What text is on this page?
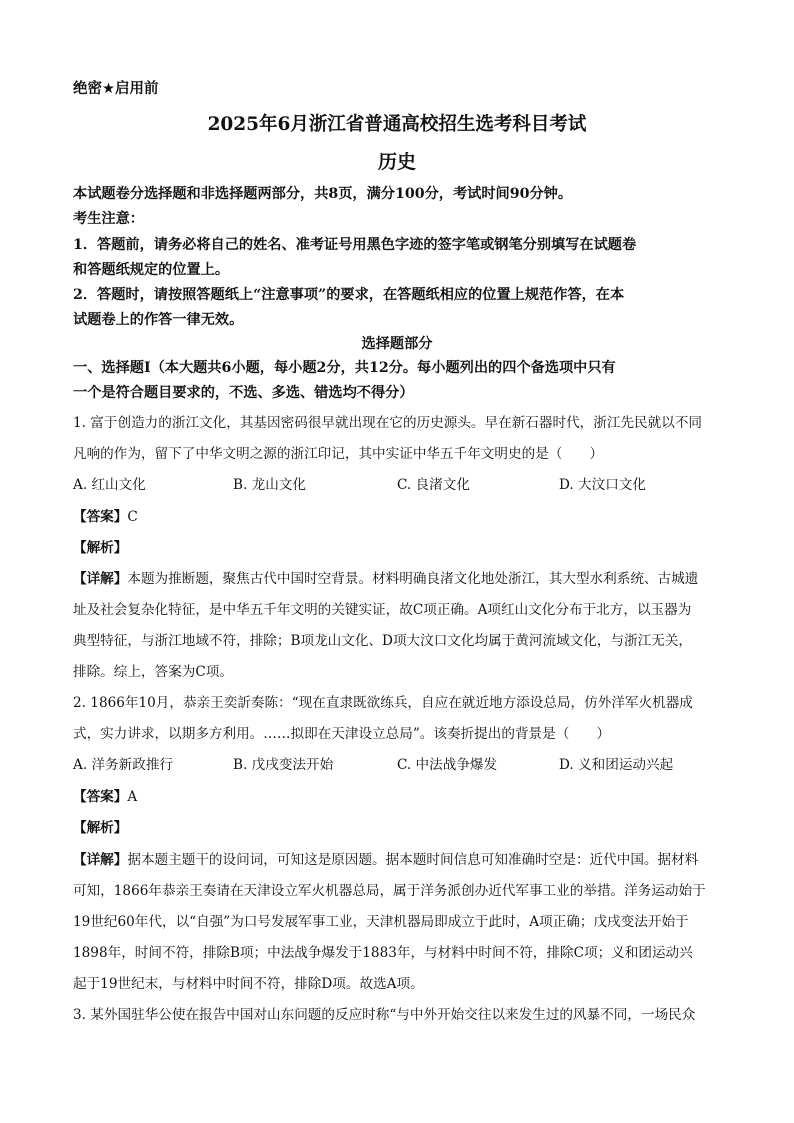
绝密★启用前
2025年6月浙江省普通高校招生选考科目考试
历史
本试题卷分选择题和非选择题两部分，共8页，满分100分，考试时间90分钟。
考生注意：
1．答题前，请务必将自己的姓名、准考证号用黑色字迹的签字笔或钢笔分别填写在试题卷
和答题纸规定的位置上。
2．答题时，请按照答题纸上“注意事项”的要求，在答题纸相应的位置上规范作答，在本
试题卷上的作答一律无效。
选择题部分
一、选择题Ⅰ（本大题共6小题，每小题2分，共12分。每小题列出的四个备选项中只有
一个是符合题目要求的，不选、多选、错选均不得分）
1. 富于创造力的浙江文化，其基因密码很早就出现在它的历史源头。早在新石器时代，浙江先民就以不同
凡响的作为，留下了中华文明之源的浙江印记，其中实证中华五千年文明史的是（　　）
A. 红山文化	B. 龙山文化	C. 良渚文化	D. 大汶口文化
【答案】C
【解析】
【详解】本题为推断题，聚焦古代中国时空背景。材料明确良渚文化地处浙江，其大型水利系统、古城遗
址及社会复杂化特征，是中华五千年文明的关键实证，故C项正确。A项红山文化分布于北方，以玉器为
典型特征，与浙江地域不符，排除；B项龙山文化、D项大汶口文化均属于黄河流域文化，与浙江无关，
排除。综上，答案为C项。
2. 1866年10月，恭亲王奕訢奏陈：“现在直隶既欲练兵，自应在就近地方添设总局，仿外洋军火机器成
式，实力讲求，以期多方利用。……拟即在天津设立总局”。该奏折提出的背景是（　　）
A. 洋务新政推行	B. 戊戌变法开始	C. 中法战争爆发	D. 义和团运动兴起
【答案】A
【解析】
【详解】据本题主题干的设问词，可知这是原因题。据本题时间信息可知准确时空是：近代中国。据材料
可知，1866年恭亲王奏请在天津设立军火机器总局，属于洋务派创办近代军事工业的举措。洋务运动始于
19世纪60年代，以“自强”为口号发展军事工业，天津机器局即成立于此时，A项正确；戊戌变法开始于
1898年，时间不符，排除B项；中法战争爆发于1883年，与材料中时间不符，排除C项；义和团运动兴
起于19世纪末，与材料中时间不符，排除D项。故选A项。
3. 某外国驻华公使在报告中国对山东问题的反应时称“与中外开始交往以来发生过的风暴不同，一场民众
